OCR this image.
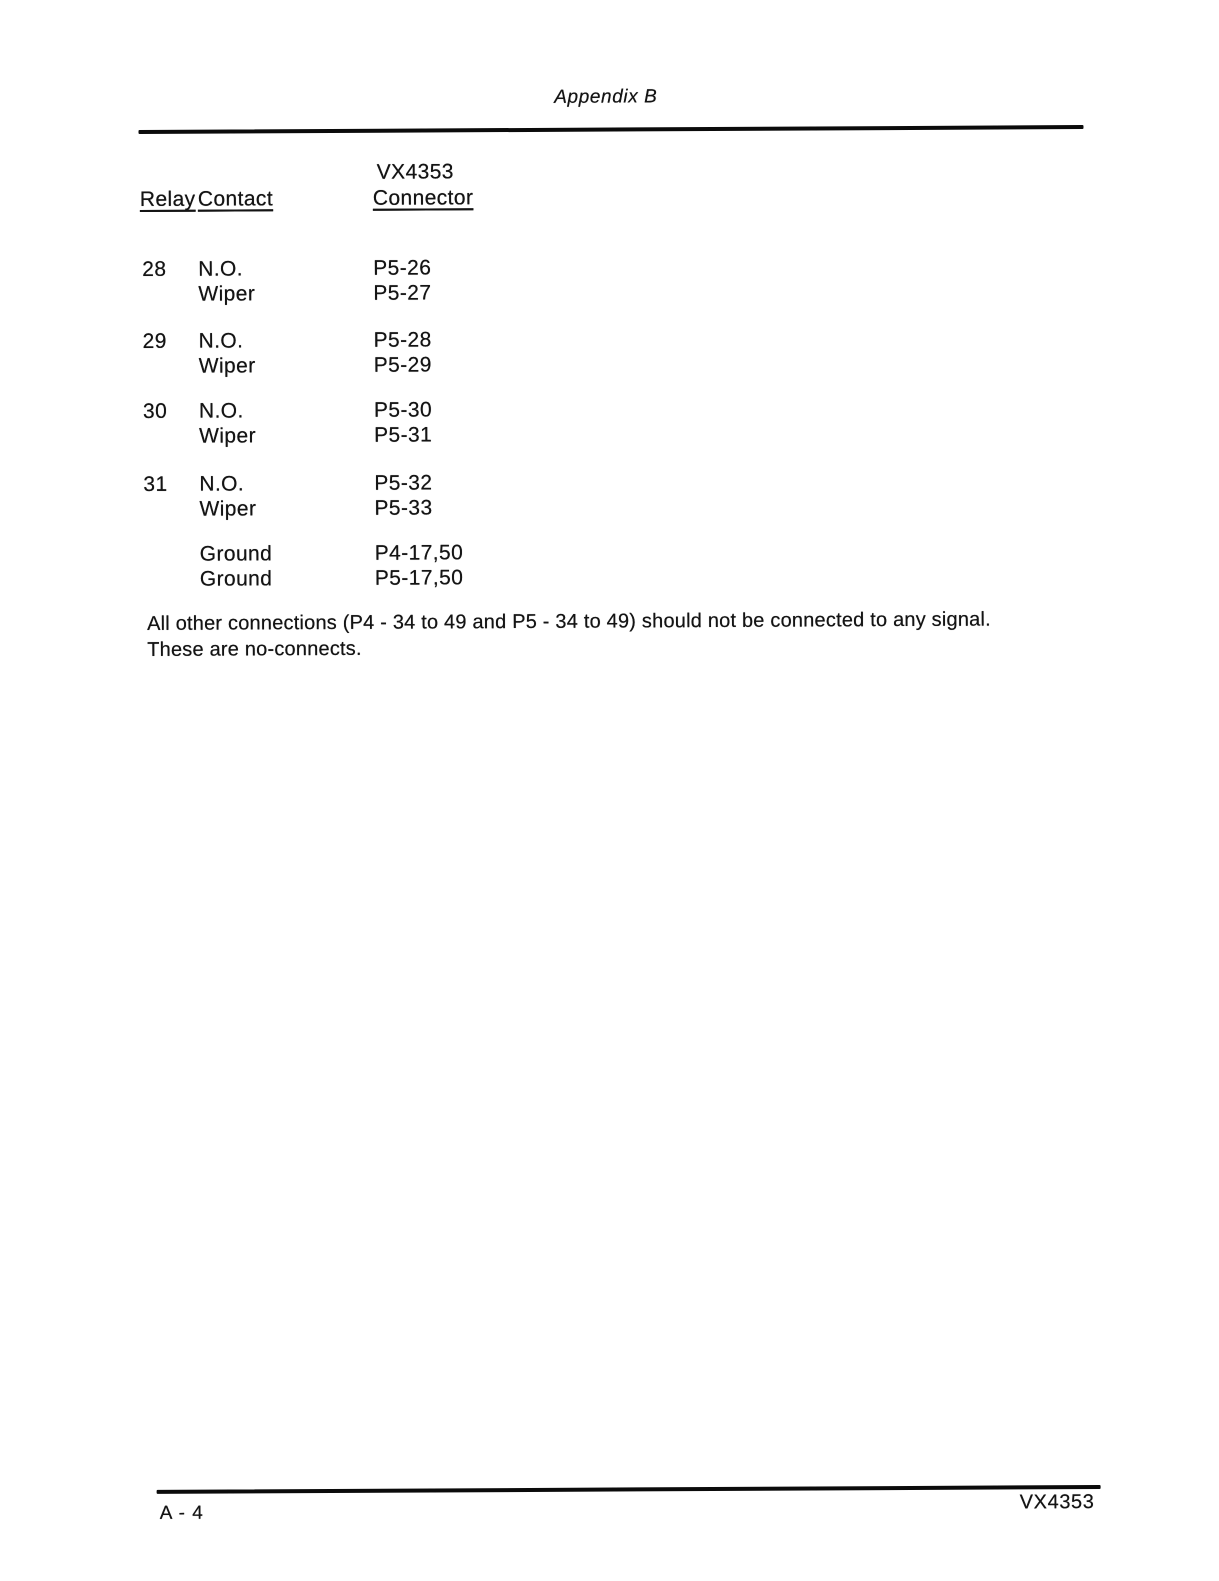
Appendix B
VX4353
Relay Contact	Connector
28 N.O.	P5-26
Wiper	P5-27
29 N.O.	P5-28
Wiper	P5-29
30 N.O.	P5-30
Wiper	P5-31
31 N.O.	P5-32
Wiper	P5-33
Ground	P4-17,50
Ground	P5-17,50
All other connections (P4 - 34 to 49 and P5 - 34 to 49) should not be connected to any signal.
These are no-connects.
A - 4	VX4353
